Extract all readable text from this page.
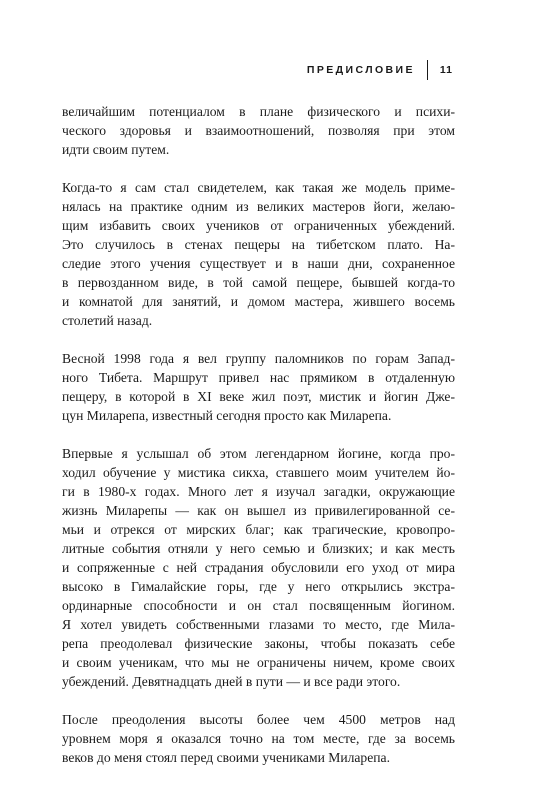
ПРЕДИСЛОВИЕ	11

величайшим потенциалом в плане физического и психи-
ческого здоровья и взаимоотношений, позволяя при этом
идти своим путем.

Когда-то я сам стал свидетелем, как такая же модель приме-
нялась на практике одним из великих мастеров йоги, желаю-
щим избавить своих учеников от ограниченных убеждений.
Это случилось в стенах пещеры на тибетском плато. На-
следие этого учения существует и в наши дни, сохраненное
в первозданном виде, в той самой пещере, бывшей когда-то
и комнатой для занятий, и домом мастера, жившего восемь
столетий назад.

Весной 1998 года я вел группу паломников по горам Запад-
ного Тибета. Маршрут привел нас прямиком в отдаленную
пещеру, в которой в XI веке жил поэт, мистик и йогин Дже-
цун Миларепа, известный сегодня просто как Миларепа.

Впервые я услышал об этом легендарном йогине, когда про-
ходил обучение у мистика сикха, ставшего моим учителем йо-
ги в 1980-х годах. Много лет я изучал загадки, окружающие
жизнь Миларепы — как он вышел из привилегированной се-
мьи и отрекся от мирских благ; как трагические, кровопро-
литные события отняли у него семью и близких; и как месть
и сопряженные с ней страдания обусловили его уход от мира
высоко в Гималайские горы, где у него открылись экстра-
ординарные способности и он стал посвященным йогином.
Я хотел увидеть собственными глазами то место, где Мила-
репа преодолевал физические законы, чтобы показать себе
и своим ученикам, что мы не ограничены ничем, кроме своих
убеждений. Девятнадцать дней в пути — и все ради этого.

После преодоления высоты более чем 4500 метров над
уровнем моря я оказался точно на том месте, где за восемь
веков до меня стоял перед своими учениками Миларепа.
